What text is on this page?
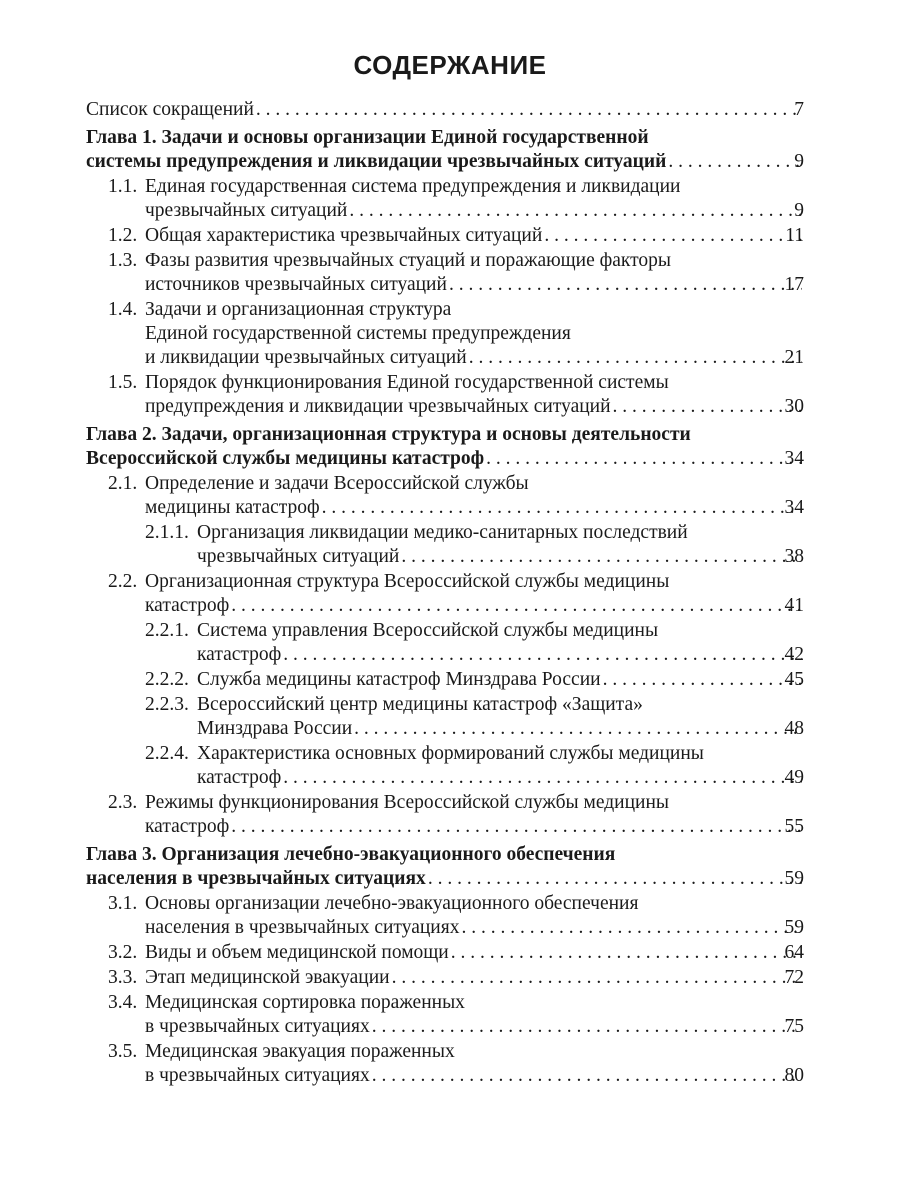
СОДЕРЖАНИЕ
Список сокращений . . .	7
Глава 1. Задачи и основы организации Единой государственной
системы предупреждения и ликвидации чрезвычайных ситуаций . . .	9
1.1. Единая государственная система предупреждения и ликвидации
чрезвычайных ситуаций . . .	9
1.2. Общая характеристика чрезвычайных ситуаций . . .	11
1.3. Фазы развития чрезвычайных стуаций и поражающие факторы
источников чрезвычайных ситуаций . . .	17
1.4. Задачи и организационная структура
Единой государственной системы предупреждения
и ликвидации чрезвычайных ситуаций . . .	21
1.5. Порядок функционирования Единой государственной системы
предупреждения и ликвидации чрезвычайных ситуаций . . .	30
Глава 2. Задачи, организационная структура и основы деятельности
Всероссийской службы медицины катастроф . . .	34
2.1. Определение и задачи Всероссийской службы
медицины катастроф . . .	34
2.1.1. Организация ликвидации медико-санитарных последствий
чрезвычайных ситуаций . . .	38
2.2. Организационная структура Всероссийской службы медицины
катастроф . . .	41
2.2.1. Система управления Всероссийской службы медицины
катастроф . . .	42
2.2.2. Служба медицины катастроф Минздрава России . . .	45
2.2.3. Всероссийский центр медицины катастроф «Защита»
Минздрава России . . .	48
2.2.4. Характеристика основных формирований службы медицины
катастроф . . .	49
2.3. Режимы функционирования Всероссийской службы медицины
катастроф . . .	55
Глава 3. Организация лечебно-эвакуационного обеспечения
населения в чрезвычайных ситуациях . . .	59
3.1. Основы организации лечебно-эвакуационного обеспечения
населения в чрезвычайных ситуациях . . .	59
3.2. Виды и объем медицинской помощи . . .	64
3.3. Этап медицинской эвакуации . . .	72
3.4. Медицинская сортировка пораженных
в чрезвычайных ситуациях . . .	75
3.5. Медицинская эвакуация пораженных
в чрезвычайных ситуациях . . .	80
